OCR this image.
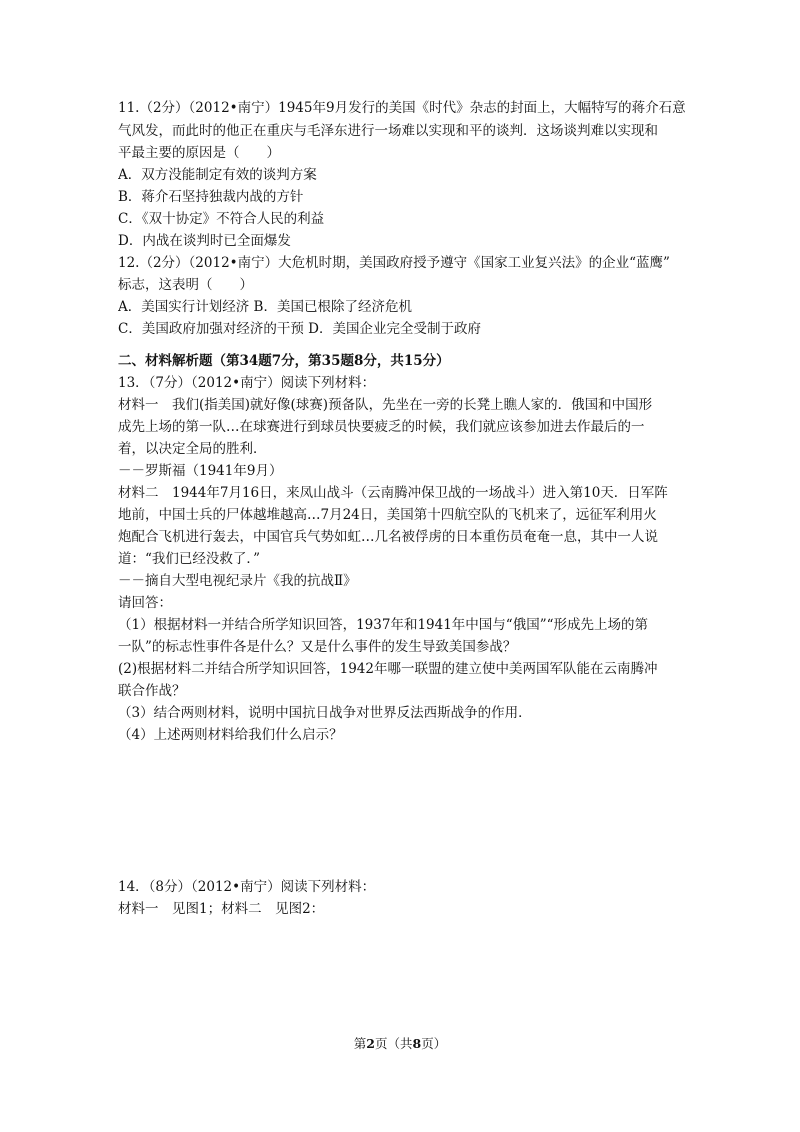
11.（2分）（2012•南宁）1945年9月发行的美国《时代》杂志的封面上，大幅特写的蒋介石意
气风发，而此时的他正在重庆与毛泽东进行一场难以实现和平的谈判．这场谈判难以实现和
平最主要的原因是（　　）
A．双方没能制定有效的谈判方案
B．蒋介石坚持独裁内战的方针
C．《双十协定》不符合人民的利益
D．内战在谈判时已全面爆发
12.（2分）（2012•南宁）大危机时期，美国政府授予遵守《国家工业复兴法》的企业“蓝鹰”
标志，这表明（　　）
A．美国实行计划经济 B．美国已根除了经济危机
C．美国政府加强对经济的干预 D．美国企业完全受制于政府
二、材料解析题（第34题7分，第35题8分，共15分）
13．（7分）（2012•南宁）阅读下列材料：
材料一　我们(指美国)就好像(球赛)预备队，先坐在一旁的长凳上瞧人家的．俄国和中国形
成先上场的第一队…在球赛进行到球员快要疲乏的时候，我们就应该参加进去作最后的一
着，以决定全局的胜利．
－－罗斯福（1941年9月）
材料二　1944年7月16日，来凤山战斗（云南腾冲保卫战的一场战斗）进入第10天．日军阵
地前，中国士兵的尸体越堆越高…7月24日，美国第十四航空队的飞机来了，远征军利用火
炮配合飞机进行轰去，中国官兵气势如虹…几名被俘虏的日本重伤员奄奄一息，其中一人说
道：“我们已经没救了．”
－－摘自大型电视纪录片《我的抗战Ⅱ》
请回答：
（1）根据材料一并结合所学知识回答，1937年和1941年中国与“俄国”“形成先上场的第
一队”的标志性事件各是什么？又是什么事件的发生导致美国参战？
(2)根据材料二并结合所学知识回答，1942年哪一联盟的建立使中美两国军队能在云南腾冲
联合作战？
（3）结合两则材料，说明中国抗日战争对世界反法西斯战争的作用．
（4）上述两则材料给我们什么启示？
14．（8分）（2012•南宁）阅读下列材料：
材料一　见图1；材料二　见图2：
第2页（共8页）
